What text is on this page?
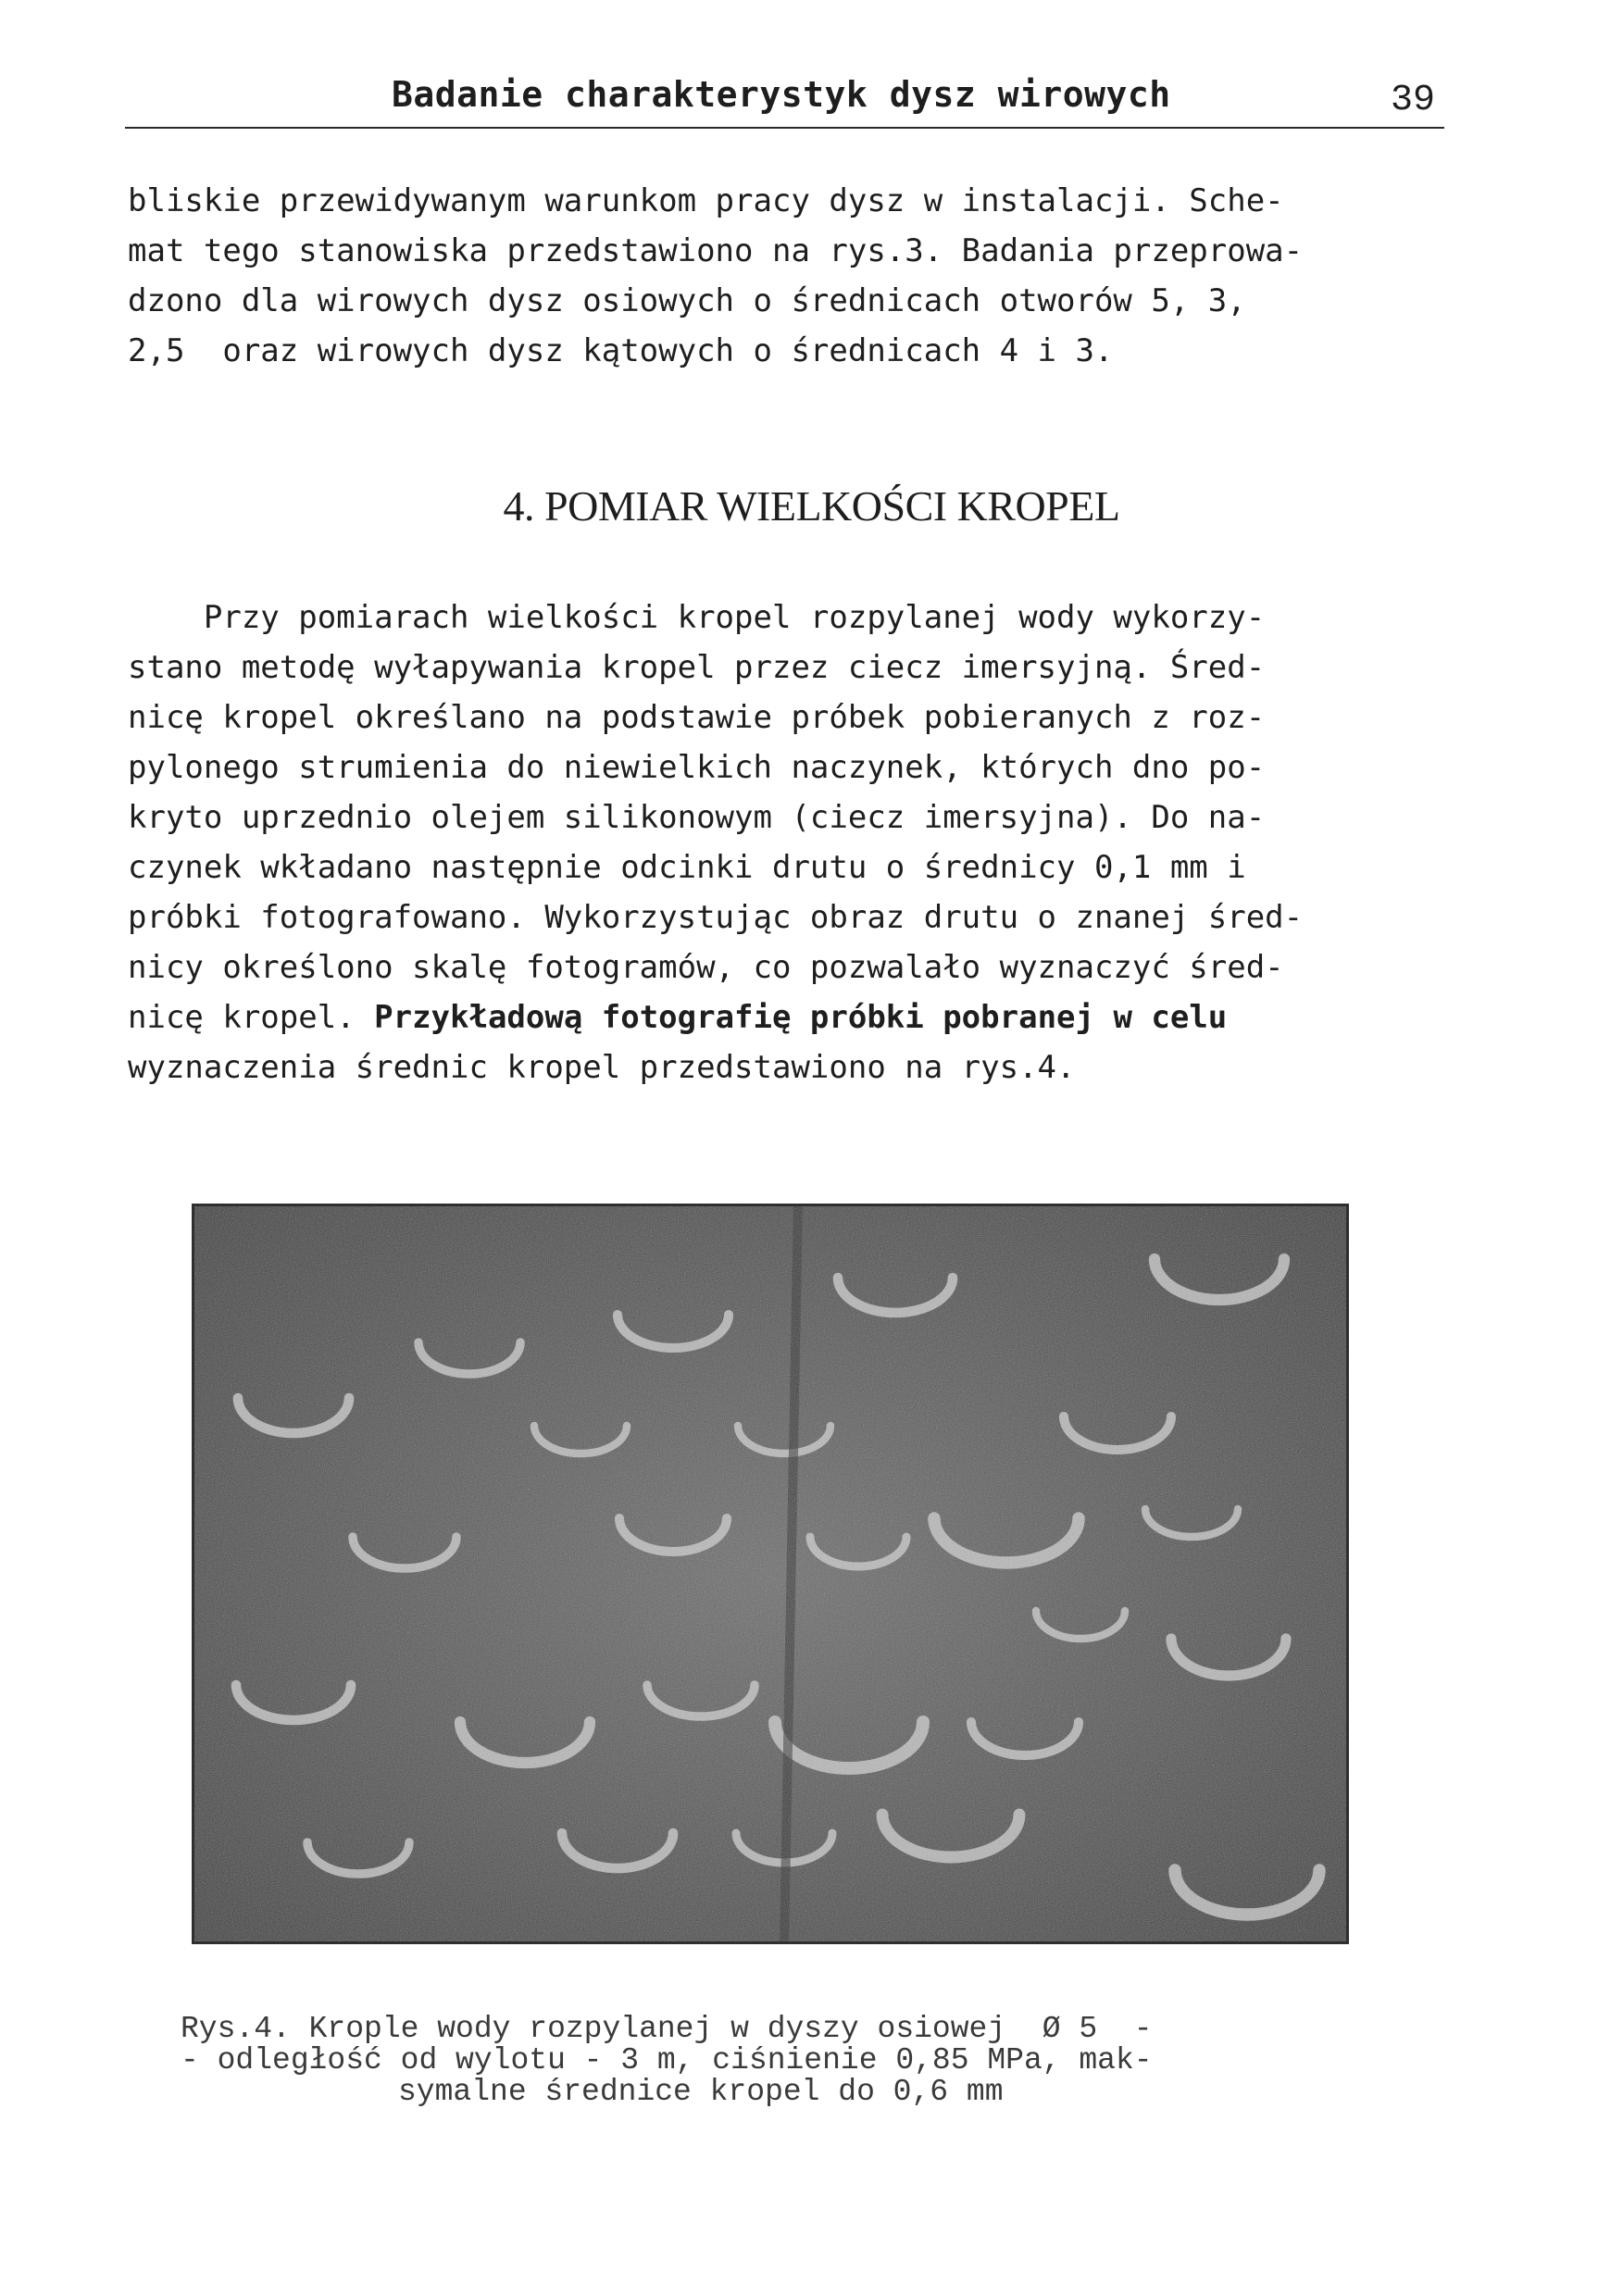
Badanie charakterystyk dysz wirowych	39
bliskie przewidywanym warunkom pracy dysz w instalacji. Sche-
mat tego stanowiska przedstawiono na rys.3. Badania przeprowa-
dzono dla wirowych dysz osiowych o średnicach otworów 5, 3,
2,5  oraz wirowych dysz kątowych o średnicach 4 i 3.
4. POMIAR WIELKOŚCI KROPEL
Przy pomiarach wielkości kropel rozpylanej wody wykorzy-
stano metodę wyłapywania kropel przez ciecz imersyjną. Śred-
nicę kropel określano na podstawie próbek pobieranych z roz-
pylonego strumienia do niewielkich naczynek, których dno po-
kryto uprzednio olejem silikonowym (ciecz imersyjna). Do na-
czynek wkładano następnie odcinki drutu o średnicy 0,1 mm i
próbki fotografowano. Wykorzystując obraz drutu o znanej śred-
nicy określono skalę fotogramów, co pozwalało wyznaczyć śred-
nicę kropel. Przykładową fotografię próbki pobranej w celu
wyznaczenia średnic kropel przedstawiono na rys.4.
Rys.4. Krople wody rozpylanej w dyszy osiowej  Ø 5  -
- odległość od wylotu - 3 m, ciśnienie 0,85 MPa, mak-
symalne średnice kropel do 0,6 mm
